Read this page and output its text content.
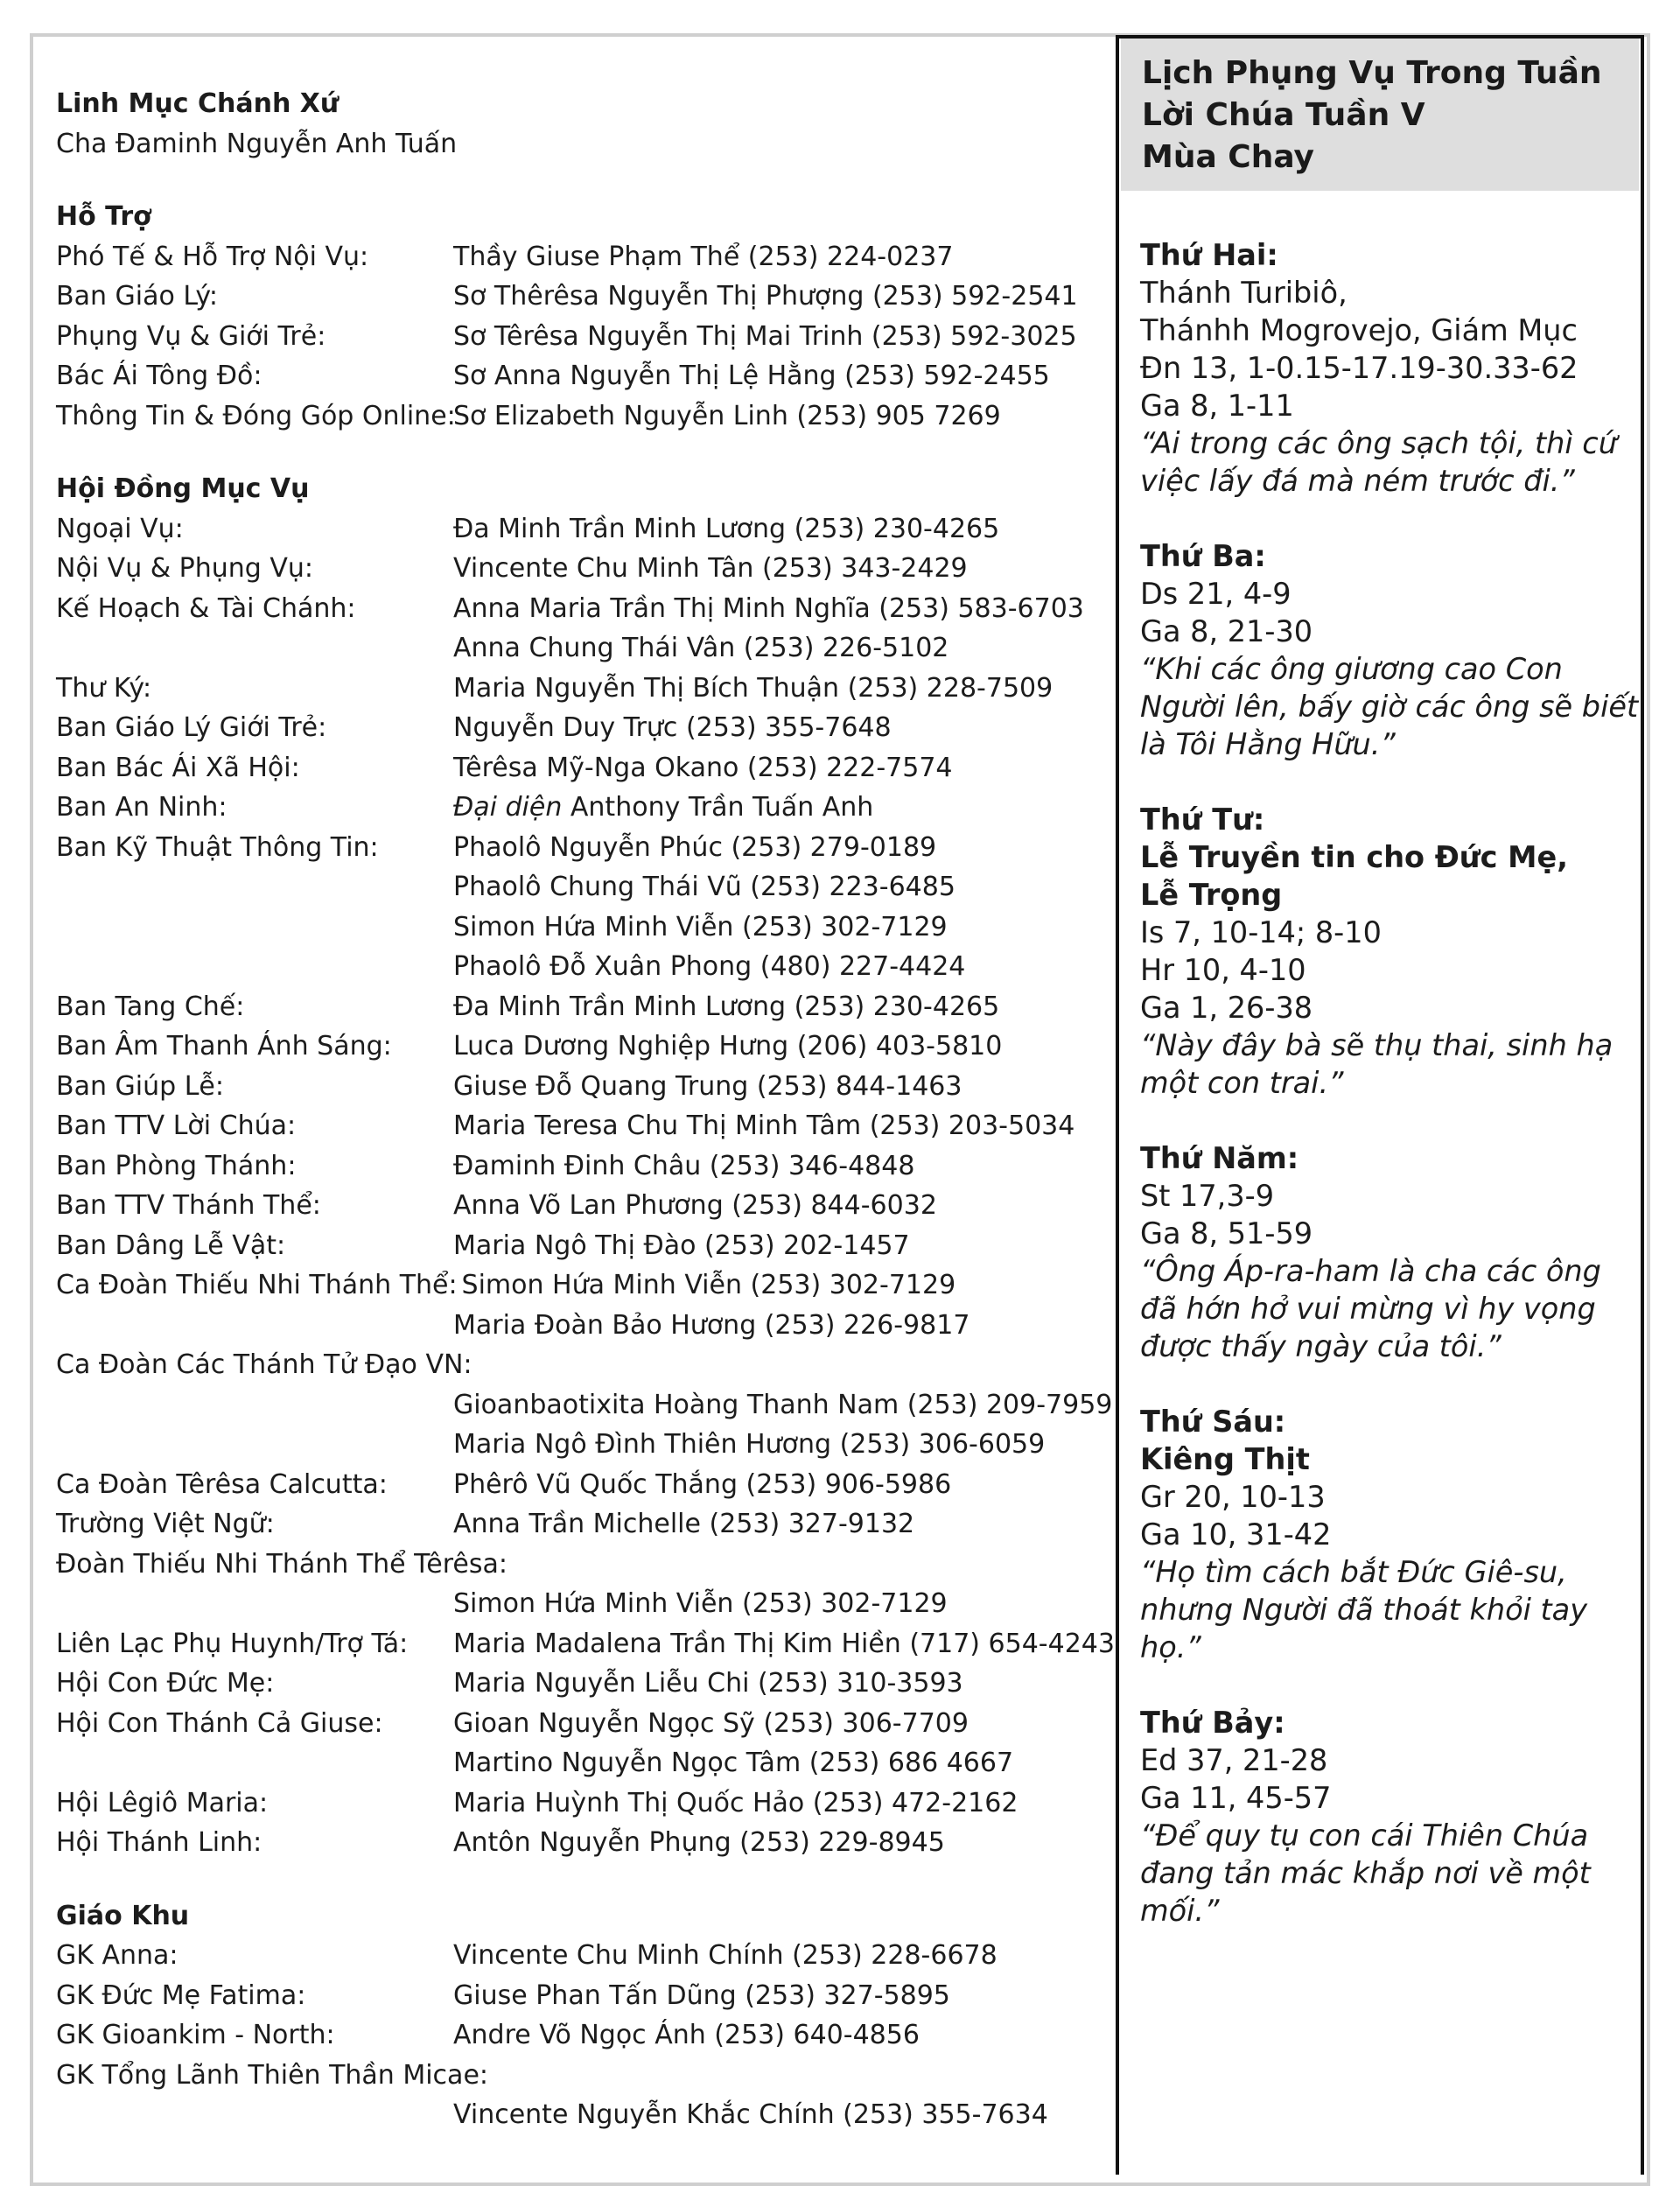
Linh Mục Chánh Xứ
Cha Đaminh Nguyễn Anh Tuấn
Hỗ Trợ
Phó Tế & Hỗ Trợ Nội Vụ:	Thầy Giuse Phạm Thể (253) 224-0237
Ban Giáo Lý:	Sơ Thêrêsa Nguyễn Thị Phượng (253) 592-2541
Phụng Vụ & Giới Trẻ:	Sơ Têrêsa Nguyễn Thị Mai Trinh (253) 592-3025
Bác Ái Tông Đồ:	Sơ Anna Nguyễn Thị Lệ Hằng (253) 592-2455
Thông Tin & Đóng Góp Online:
Sơ Elizabeth Nguyễn Linh (253) 905 7269
Hội Đồng Mục Vụ
Ngoại Vụ:	Đa Minh Trần Minh Lương (253) 230-4265
Nội Vụ & Phụng Vụ:	Vincente Chu Minh Tân (253) 343-2429
Kế Hoạch & Tài Chánh:	Anna Maria Trần Thị Minh Nghĩa (253) 583-6703
Anna Chung Thái Vân (253) 226-5102
Thư Ký:	Maria Nguyễn Thị Bích Thuận (253) 228-7509
Ban Giáo Lý Giới Trẻ:	Nguyễn Duy Trực (253) 355-7648
Ban Bác Ái Xã Hội:	Têrêsa Mỹ-Nga Okano (253) 222-7574
Ban An Ninh:	Đại diện Anthony Trần Tuấn Anh
Ban Kỹ Thuật Thông Tin:	Phaolô Nguyễn Phúc (253) 279-0189
Phaolô Chung Thái Vũ (253) 223-6485
Simon Hứa Minh Viễn (253) 302-7129
Phaolô Đỗ Xuân Phong (480) 227-4424
Ban Tang Chế:	Đa Minh Trần Minh Lương (253) 230-4265
Ban Âm Thanh Ánh Sáng:	Luca Dương Nghiệp Hưng (206) 403-5810
Ban Giúp Lễ:	Giuse Đỗ Quang Trung (253) 844-1463
Ban TTV Lời Chúa:	Maria Teresa Chu Thị Minh Tâm (253) 203-5034
Ban Phòng Thánh:	Đaminh Đinh Châu (253) 346-4848
Ban TTV Thánh Thể:	Anna Võ Lan Phương (253) 844-6032
Ban Dâng Lễ Vật:	Maria Ngô Thị Đào (253) 202-1457
Ca Đoàn Thiếu Nhi Thánh Thể:
Simon Hứa Minh Viễn (253) 302-7129
Maria Đoàn Bảo Hương (253) 226-9817
Ca Đoàn Các Thánh Tử Đạo VN:
Gioanbaotixita Hoàng Thanh Nam (253) 209-7959
Maria Ngô Đình Thiên Hương (253) 306-6059
Ca Đoàn Têrêsa Calcutta:	Phêrô Vũ Quốc Thắng (253) 906-5986
Trường Việt Ngữ:	Anna Trần Michelle (253) 327-9132
Đoàn Thiếu Nhi Thánh Thể Têrêsa:
Simon Hứa Minh Viễn (253) 302-7129
Liên Lạc Phụ Huynh/Trợ Tá:	Maria Madalena Trần Thị Kim Hiền (717) 654-4243
Hội Con Đức Mẹ:	Maria Nguyễn Liễu Chi (253) 310-3593
Hội Con Thánh Cả Giuse:	Gioan Nguyễn Ngọc Sỹ (253) 306-7709
Martino Nguyễn Ngọc Tâm (253) 686 4667
Hội Lêgiô Maria:	Maria Huỳnh Thị Quốc Hảo (253) 472-2162
Hội Thánh Linh:	Antôn Nguyễn Phụng (253) 229-8945
Giáo Khu
GK Anna:	Vincente Chu Minh Chính (253) 228-6678
GK Đức Mẹ Fatima:	Giuse Phan Tấn Dũng (253) 327-5895
GK Gioankim - North:	Andre Võ Ngọc Ánh (253) 640-4856
GK Tổng Lãnh Thiên Thần Micae:
Vincente Nguyễn Khắc Chính (253) 355-7634
Lịch Phụng Vụ Trong Tuần
Lời Chúa Tuần V
Mùa Chay
Thứ Hai:
Thánh Turibiô,
Thánhh Mogrovejo, Giám Mục
Đn 13, 1-0.15-17.19-30.33-62
Ga 8, 1-11
“Ai trong các ông sạch tội, thì cứ
việc lấy đá mà ném trước đi.”
Thứ Ba:
Ds 21, 4-9
Ga 8, 21-30
“Khi các ông giương cao Con
Người lên, bấy giờ các ông sẽ biết
là Tôi Hằng Hữu.”
Thứ Tư:
Lễ Truyền tin cho Đức Mẹ,
Lễ Trọng
Is 7, 10-14; 8-10
Hr 10, 4-10
Ga 1, 26-38
“Này đây bà sẽ thụ thai, sinh hạ
một con trai.”
Thứ Năm:
St 17,3-9
Ga 8, 51-59
“Ông Áp-ra-ham là cha các ông
đã hớn hở vui mừng vì hy vọng
được thấy ngày của tôi.”
Thứ Sáu:
Kiêng Thịt
Gr 20, 10-13
Ga 10, 31-42
“Họ tìm cách bắt Đức Giê-su,
nhưng Người đã thoát khỏi tay
họ.”
Thứ Bảy:
Ed 37, 21-28
Ga 11, 45-57
“Để quy tụ con cái Thiên Chúa
đang tản mác khắp nơi về một
mối.”
